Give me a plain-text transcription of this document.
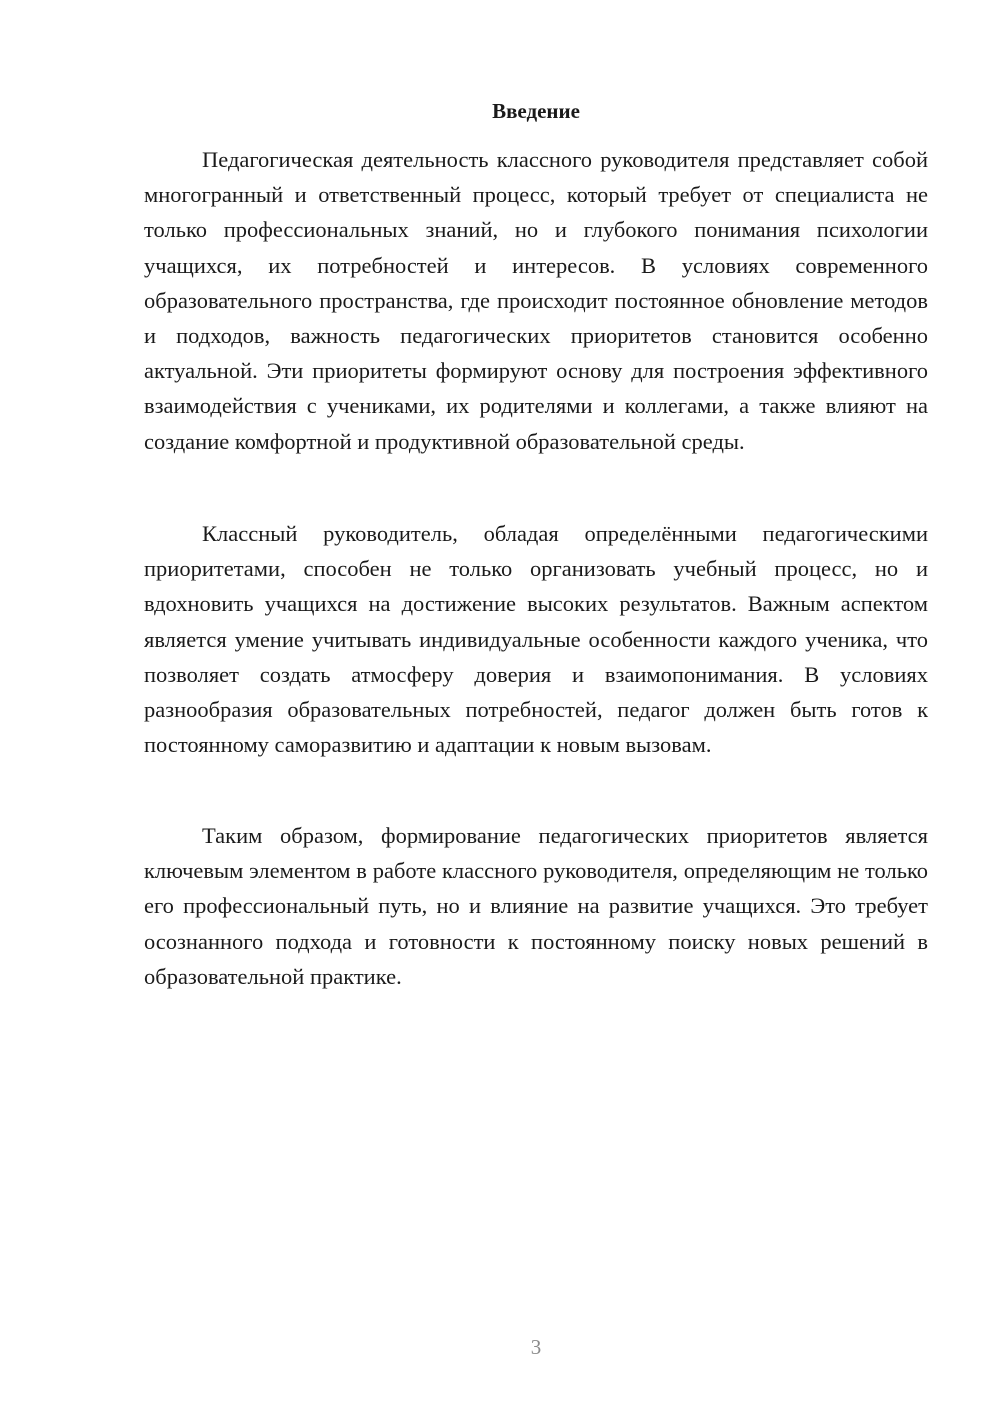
Введение

Педагогическая деятельность классного руководителя представляет собой многогранный и ответственный процесс, который требует от специалиста не только профессиональных знаний, но и глубокого понимания психологии учащихся, их потребностей и интересов. В условиях современного образовательного пространства, где происходит постоянное обновление методов и подходов, важность педагогических приоритетов становится особенно актуальной. Эти приоритеты формируют основу для построения эффективного взаимодействия с учениками, их родителями и коллегами, а также влияют на создание комфортной и продуктивной образовательной среды.

Классный руководитель, обладая определёнными педагогическими приоритетами, способен не только организовать учебный процесс, но и вдохновить учащихся на достижение высоких результатов. Важным аспектом является умение учитывать индивидуальные особенности каждого ученика, что позволяет создать атмосферу доверия и взаимопонимания. В условиях разнообразия образовательных потребностей, педагог должен быть готов к постоянному саморазвитию и адаптации к новым вызовам.

Таким образом, формирование педагогических приоритетов является ключевым элементом в работе классного руководителя, определяющим не только его профессиональный путь, но и влияние на развитие учащихся. Это требует осознанного подхода и готовности к постоянному поиску новых решений в образовательной практике.

3
